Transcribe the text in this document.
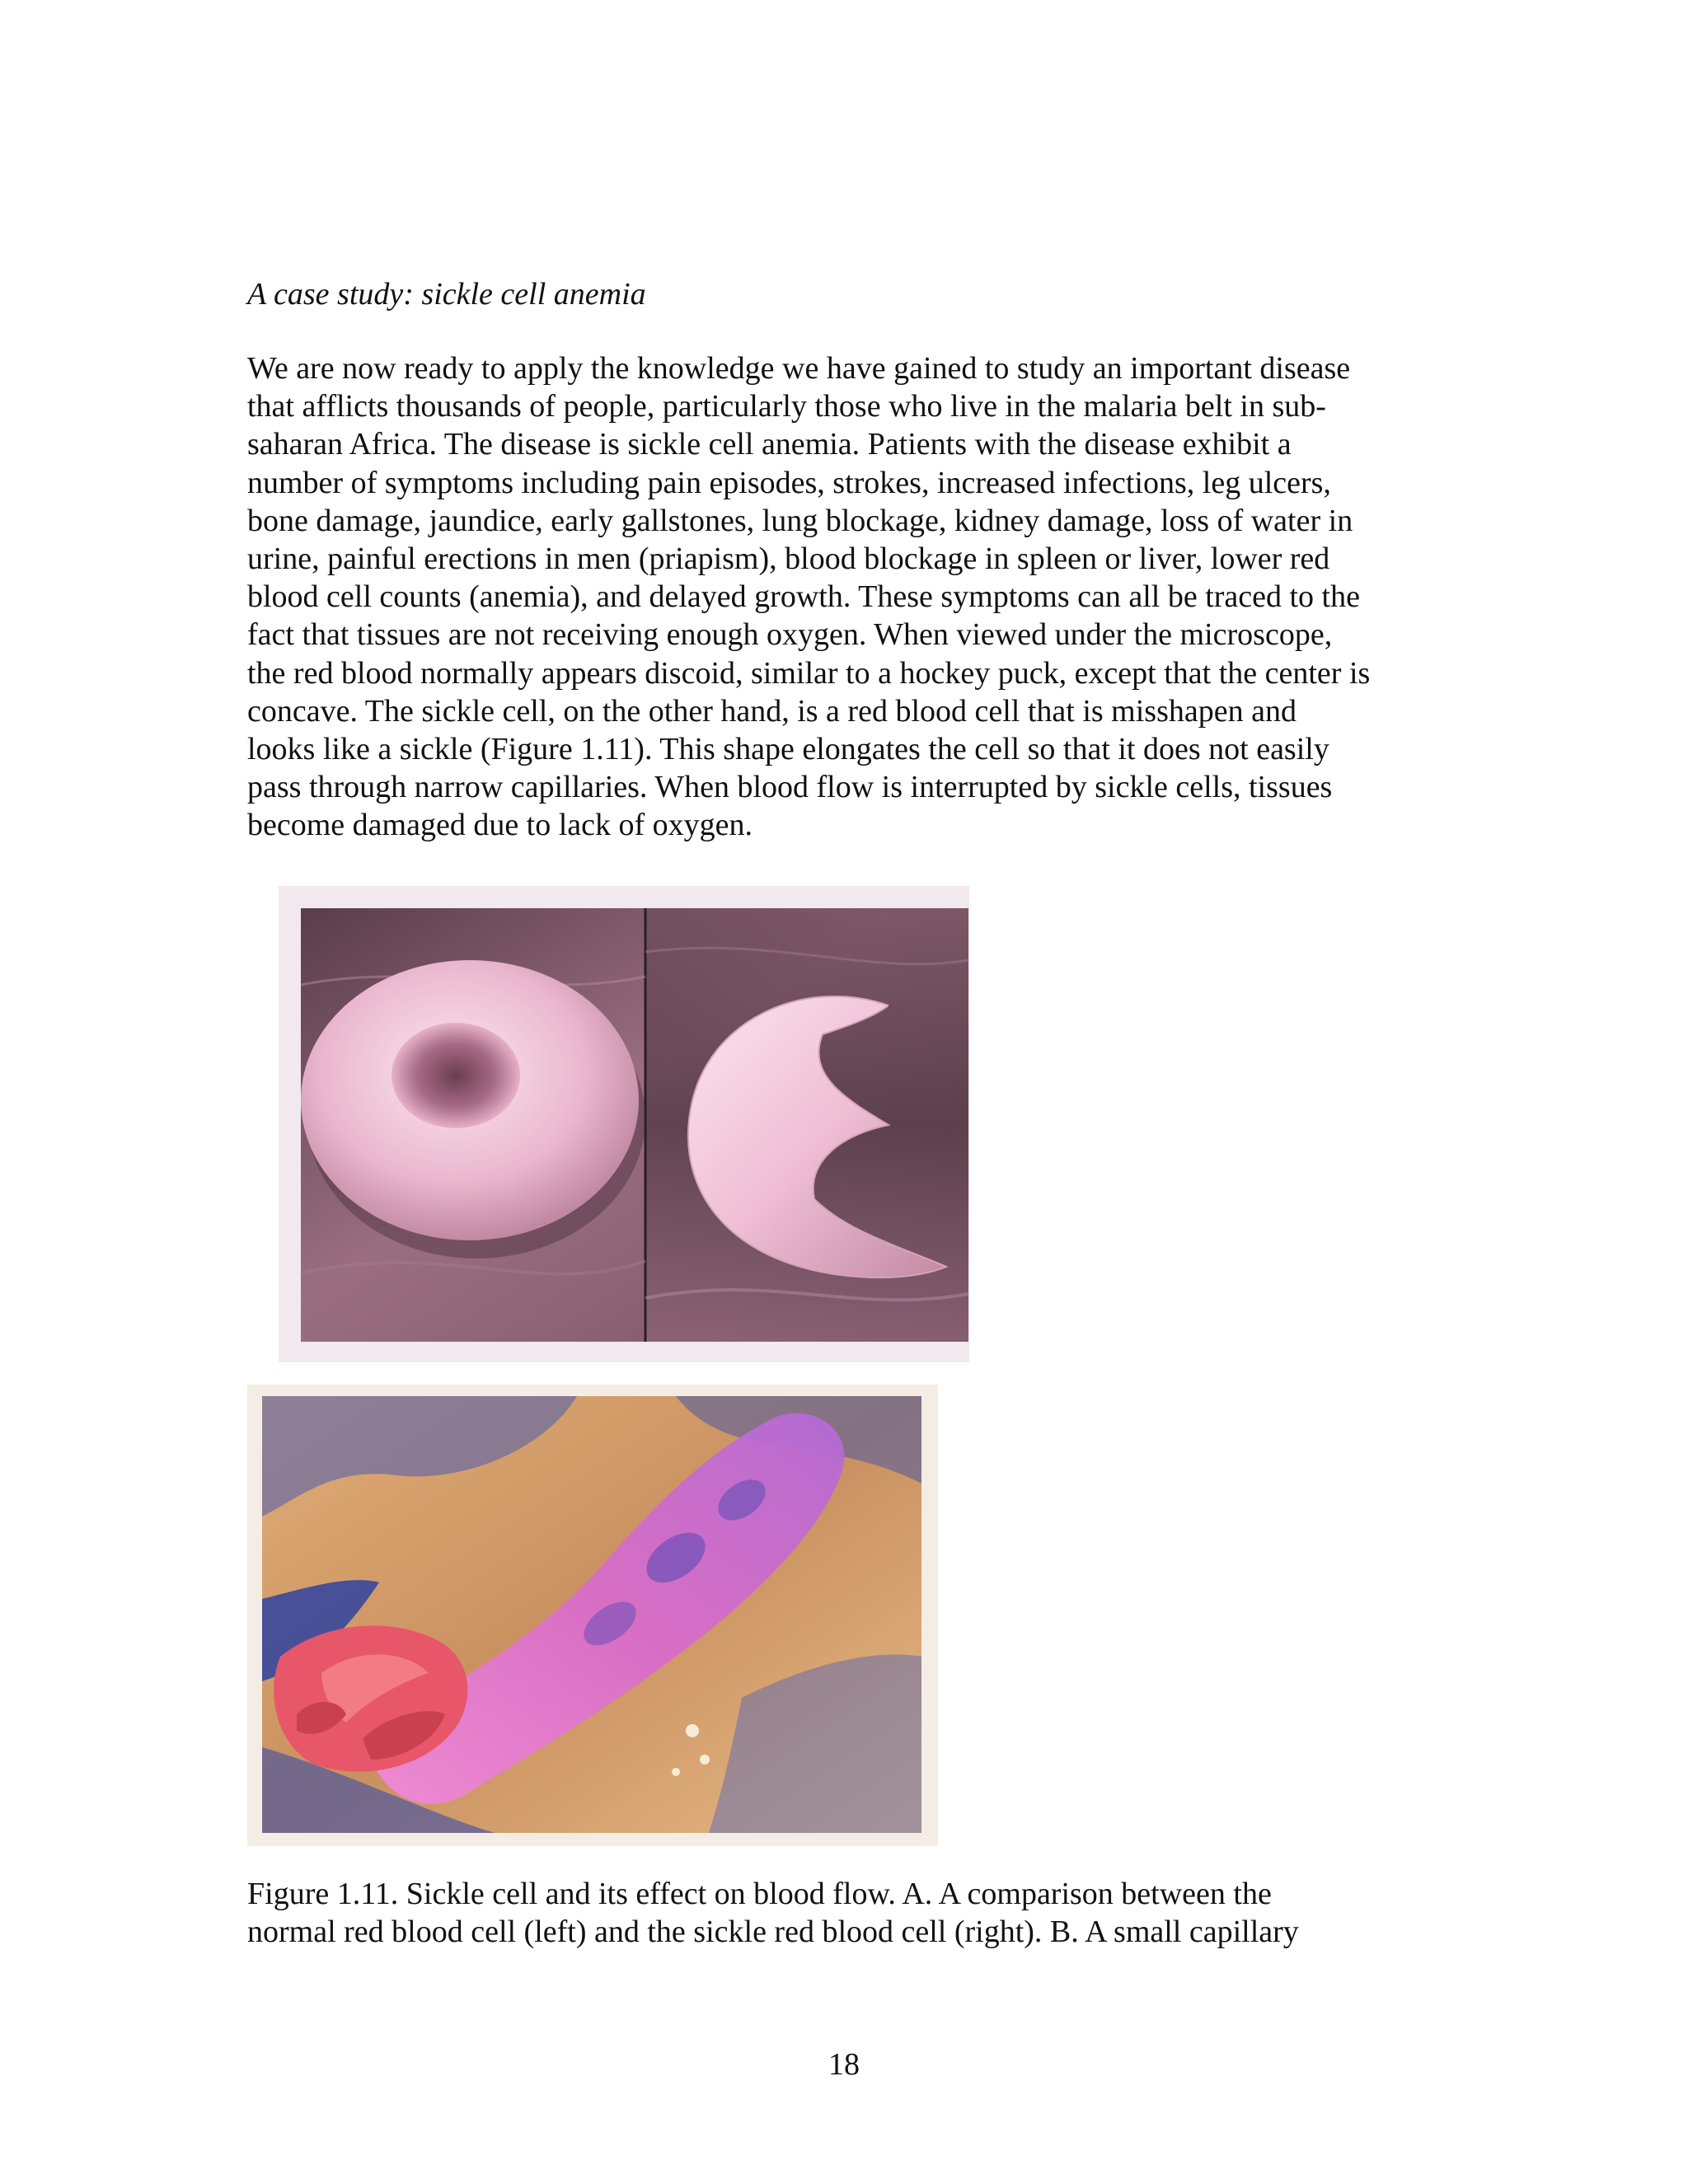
A case study: sickle cell anemia

We are now ready to apply the knowledge we have gained to study an important disease
that afflicts thousands of people, particularly those who live in the malaria belt in sub-
saharan Africa. The disease is sickle cell anemia. Patients with the disease exhibit a
number of symptoms including pain episodes, strokes, increased infections, leg ulcers,
bone damage, jaundice, early gallstones, lung blockage, kidney damage, loss of water in
urine, painful erections in men (priapism), blood blockage in spleen or liver, lower red
blood cell counts (anemia), and delayed growth. These symptoms can all be traced to the
fact that tissues are not receiving enough oxygen. When viewed under the microscope,
the red blood normally appears discoid, similar to a hockey puck, except that the center is
concave. The sickle cell, on the other hand, is a red blood cell that is misshapen and
looks like a sickle (Figure 1.11). This shape elongates the cell so that it does not easily
pass through narrow capillaries. When blood flow is interrupted by sickle cells, tissues
become damaged due to lack of oxygen.
Figure 1.11. Sickle cell and its effect on blood flow. A. A comparison between the
normal red blood cell (left) and the sickle red blood cell (right). B. A small capillary

18
